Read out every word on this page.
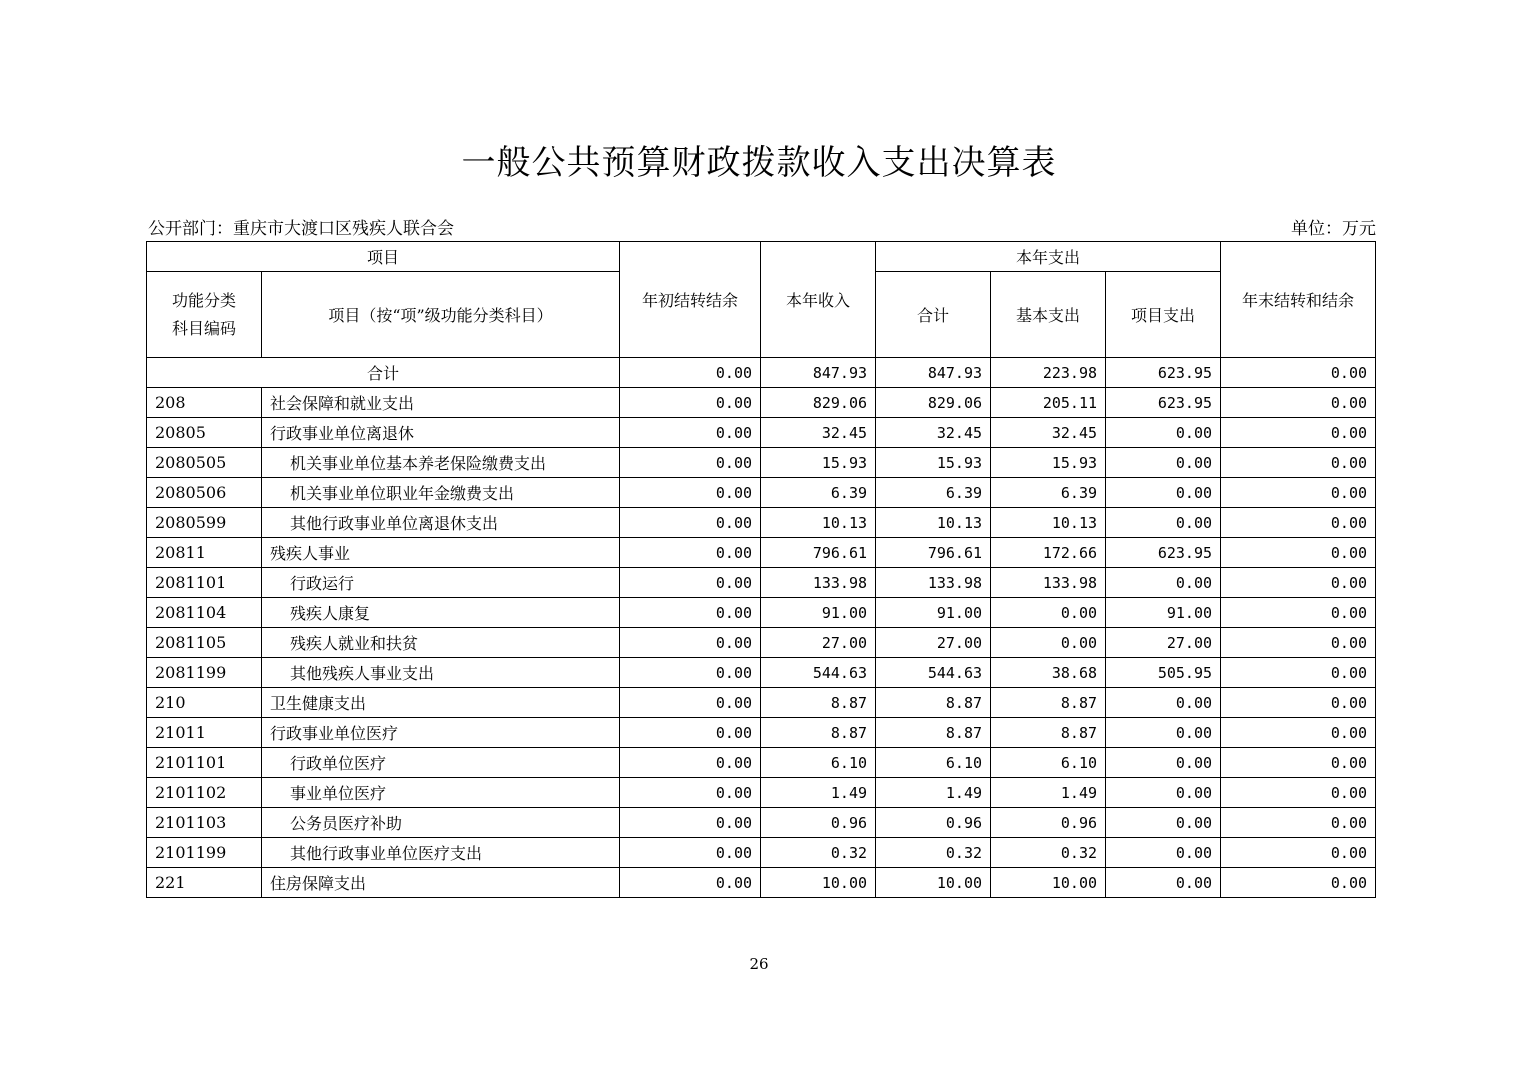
一般公共预算财政拨款收入支出决算表
公开部门：重庆市大渡口区残疾人联合会	单位：万元
项目		年初结转结余	本年收入	本年支出			年末结转和结余
功能分类科目编码	项目（按“项”级功能分类科目）			合计	基本支出	项目支出	
合计		0.00	847.93	847.93	223.98	623.95	0.00
208	社会保障和就业支出	0.00	829.06	829.06	205.11	623.95	0.00
20805	行政事业单位离退休	0.00	32.45	32.45	32.45	0.00	0.00
2080505	机关事业单位基本养老保险缴费支出	0.00	15.93	15.93	15.93	0.00	0.00
2080506	机关事业单位职业年金缴费支出	0.00	6.39	6.39	6.39	0.00	0.00
2080599	其他行政事业单位离退休支出	0.00	10.13	10.13	10.13	0.00	0.00
20811	残疾人事业	0.00	796.61	796.61	172.66	623.95	0.00
2081101	行政运行	0.00	133.98	133.98	133.98	0.00	0.00
2081104	残疾人康复	0.00	91.00	91.00	0.00	91.00	0.00
2081105	残疾人就业和扶贫	0.00	27.00	27.00	0.00	27.00	0.00
2081199	其他残疾人事业支出	0.00	544.63	544.63	38.68	505.95	0.00
210	卫生健康支出	0.00	8.87	8.87	8.87	0.00	0.00
21011	行政事业单位医疗	0.00	8.87	8.87	8.87	0.00	0.00
2101101	行政单位医疗	0.00	6.10	6.10	6.10	0.00	0.00
2101102	事业单位医疗	0.00	1.49	1.49	1.49	0.00	0.00
2101103	公务员医疗补助	0.00	0.96	0.96	0.96	0.00	0.00
2101199	其他行政事业单位医疗支出	0.00	0.32	0.32	0.32	0.00	0.00
221	住房保障支出	0.00	10.00	10.00	10.00	0.00	0.00
26
